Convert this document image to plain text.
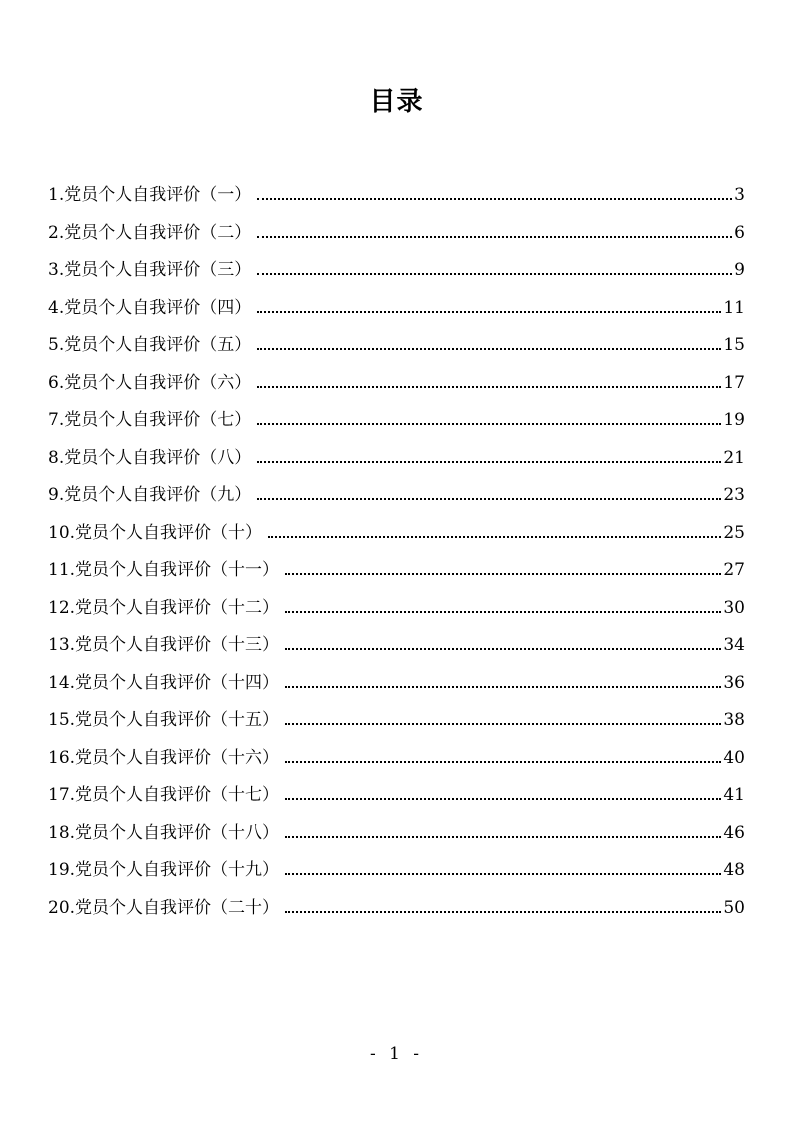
目录
1.党员个人自我评价（一）	3
2.党员个人自我评价（二）	6
3.党员个人自我评价（三）	9
4.党员个人自我评价（四）	11
5.党员个人自我评价（五）	15
6.党员个人自我评价（六）	17
7.党员个人自我评价（七）	19
8.党员个人自我评价（八）	21
9.党员个人自我评价（九）	23
10.党员个人自我评价（十）	25
11.党员个人自我评价（十一）	27
12.党员个人自我评价（十二）	30
13.党员个人自我评价（十三）	34
14.党员个人自我评价（十四）	36
15.党员个人自我评价（十五）	38
16.党员个人自我评价（十六）	40
17.党员个人自我评价（十七）	41
18.党员个人自我评价（十八）	46
19.党员个人自我评价（十九）	48
20.党员个人自我评价（二十）	50
- 1 -
